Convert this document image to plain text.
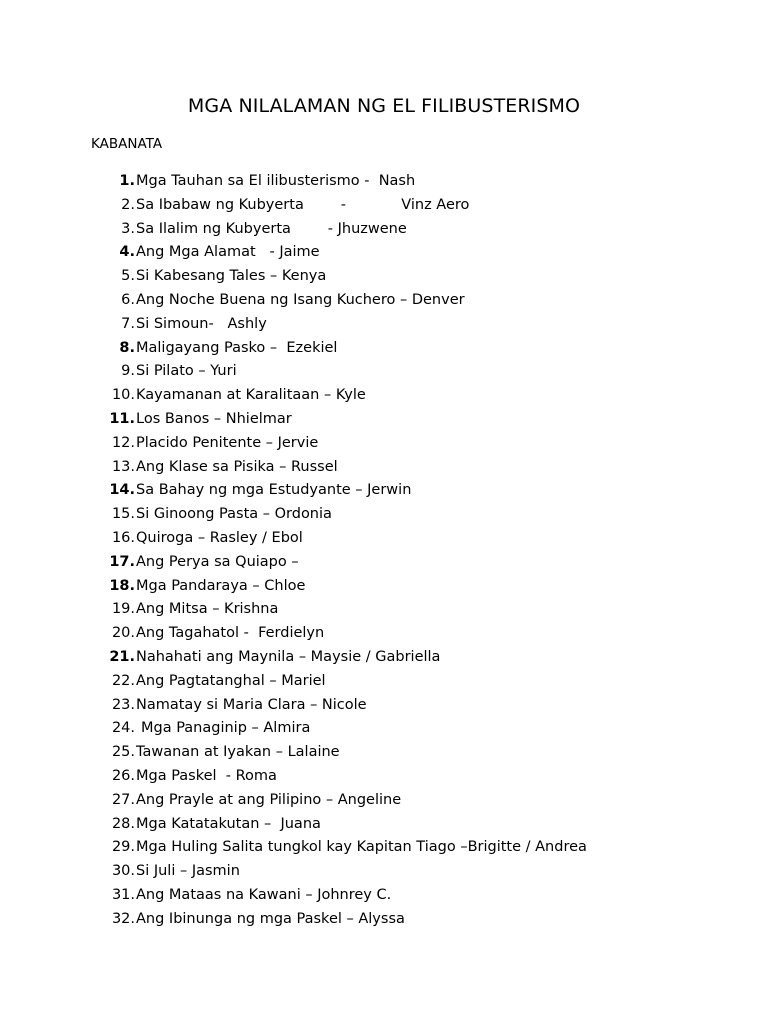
MGA NILALAMAN NG EL FILIBUSTERISMO
KABANATA
1. Mga Tauhan sa El ilibusterismo -  Nash
2. Sa Ibabaw ng Kubyerta        -            Vinz Aero
3. Sa Ilalim ng Kubyerta        - Jhuzwene
4. Ang Mga Alamat   - Jaime
5. Si Kabesang Tales – Kenya
6. Ang Noche Buena ng Isang Kuchero – Denver
7. Si Simoun-   Ashly
8. Maligayang Pasko –  Ezekiel
9. Si Pilato – Yuri
10. Kayamanan at Karalitaan – Kyle
11. Los Banos – Nhielmar
12. Placido Penitente – Jervie
13. Ang Klase sa Pisika – Russel
14. Sa Bahay ng mga Estudyante – Jerwin
15. Si Ginoong Pasta – Ordonia
16. Quiroga – Rasley / Ebol
17. Ang Perya sa Quiapo –
18. Mga Pandaraya – Chloe
19. Ang Mitsa – Krishna
20. Ang Tagahatol -  Ferdielyn
21. Nahahati ang Maynila – Maysie / Gabriella
22. Ang Pagtatanghal – Mariel
23. Namatay si Maria Clara – Nicole
24. Mga Panaginip – Almira
25. Tawanan at Iyakan – Lalaine
26. Mga Paskel  - Roma
27. Ang Prayle at ang Pilipino – Angeline
28. Mga Katatakutan –  Juana
29. Mga Huling Salita tungkol kay Kapitan Tiago –Brigitte / Andrea
30. Si Juli – Jasmin
31. Ang Mataas na Kawani – Johnrey C.
32. Ang Ibinunga ng mga Paskel – Alyssa
